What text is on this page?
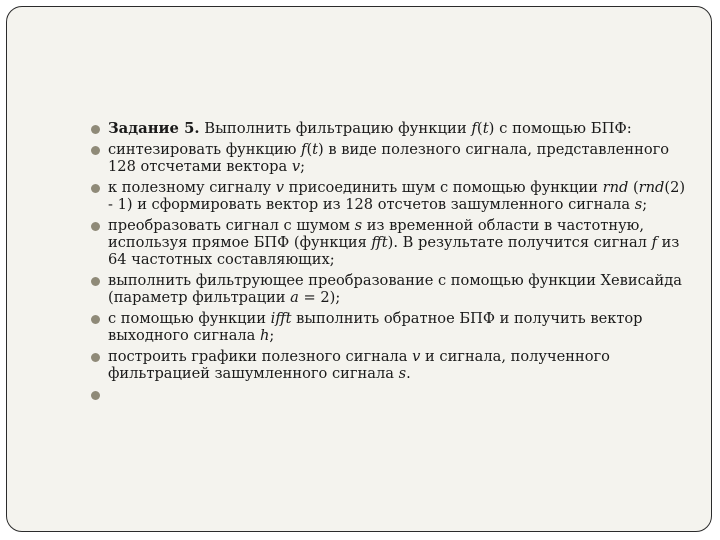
Задание 5. Выполнить фильтрацию функции f(t) с помощью БПФ:
синтезировать функцию f(t) в виде полезного сигнала, представленного 128 отсчетами вектора v;
к полезному сигналу v присоединить шум с помощью функции rnd (rnd(2) - 1) и сформировать вектор из 128 отсчетов зашумленного сигнала s;
преобразовать сигнал с шумом s из временной области в частотную, используя прямое БПФ (функция fft). В результате получится сигнал f из 64 частотных составляющих;
выполнить фильтрующее преобразование с помощью функции Хевисайда (параметр фильтрации a = 2);
с помощью функции ifft выполнить обратное БПФ и получить вектор выходного сигнала h;
построить графики полезного сигнала v и сигнала, полученного фильтрацией зашумленного сигнала s.
